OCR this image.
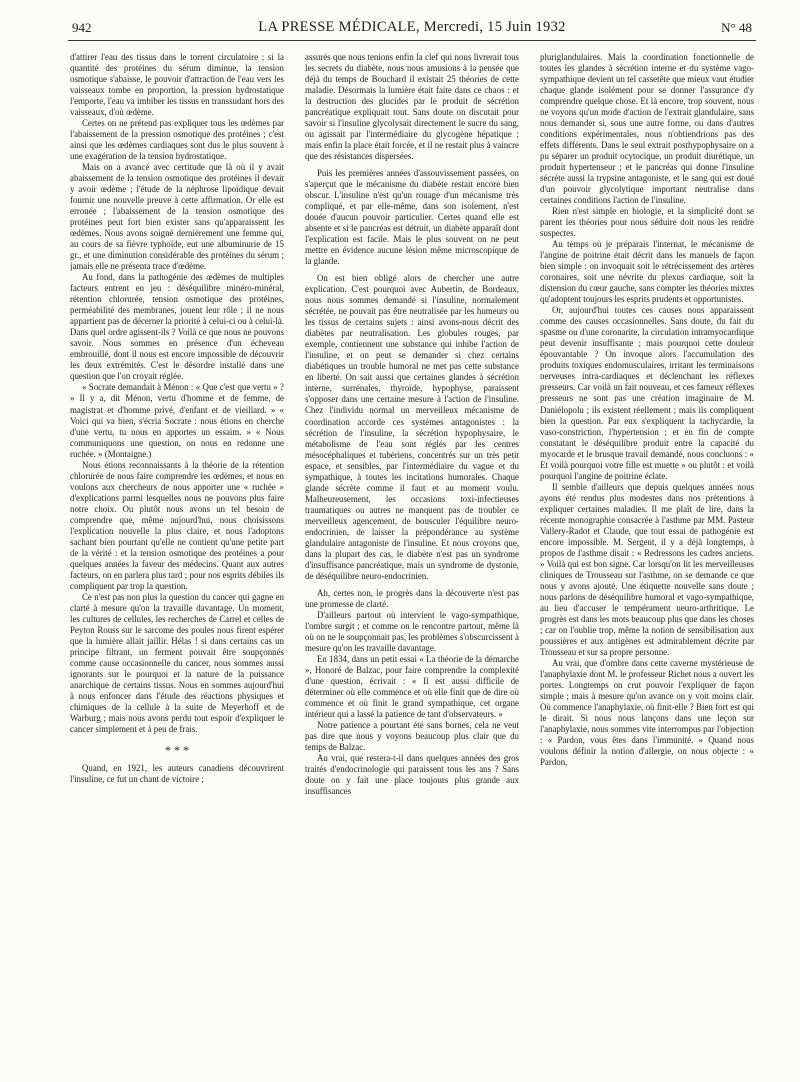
942	LA PRESSE MÉDICALE, Mercredi, 15 Juin 1932	N° 48

d'attirer l'eau des tissus dans le torrent circulatoire ; si la quantité des protéines du sérum diminue, la tension osmotique s'abaisse, le pouvoir d'attraction de l'eau vers les vaisseaux tombe en proportion, la pression hydrostatique l'emporte, l'eau va imbiber les tissus en transsudant hors des vaisseaux, d'où œdème.

Certes on ne prétend pas expliquer tous les œdèmes par l'abaissement de la pression osmotique des protéines ; c'est ainsi que les œdèmes cardiaques sont dus le plus souvent à une exagération de la tension hydrostatique.

Mais on a avancé avec certitude que là où il y avait abaissement de la tension osmotique des protéines il devait y avoir œdème ; l'étude de la néphrose lipoïdique devait fournir une nouvelle preuve à cette affirmation. Or elle est erronée ; l'abaissement de la tension osmotique des protéines peut fort bien exister sans qu'apparaissent les œdèmes. Nous avons soigné dernièrement une femme qui, au cours de sa fièvre typhoïde, eut une albuminurie de 15 gr., et une diminution considérable des protéines du sérum ; jamais elle ne présenta trace d'œdème.

Au fond, dans la pathogénie des œdèmes de multiples facteurs entrent en jeu : déséquilibre minéro-minéral, rétention chlorurée, tension osmotique des protéines, perméabilité des membranes, jouent leur rôle ; il ne nous appartient pas de décerner la priorité à celui-ci ou à celui-là. Dans quel ordre agissent-ils ? Voilà ce que nous ne pouvons savoir. Nous sommes en présence d'un écheveau embrouillé, dont il nous est encore impossible de découvrir les deux extrémités. C'est le désordre installé dans une question que l'on croyait réglée.

« Socrate demandait à Ménon : « Que c'est que vertu » ? » Il y a, dit Ménon, vertu d'homme et de femme, de magistrat et d'homme privé, d'enfant et de vieillard. » « Voici qui va bien, s'écria Socrate : nous étions en cherche d'une vertu, tu nous en apportes un essaim. » « Nous communiquons une question, on nous en redonne une ruchée. » (Montaigne.)

Nous étions reconnaissants à la théorie de la rétention chlorurée de nous faire comprendre les œdèmes, et nous en voulons aux chercheurs de nous apporter une « ruchée » d'explications parmi lesquelles nous ne pouvons plus faire notre choix. Ou plutôt nous avons un tel besoin de comprendre que, même aujourd'hui, nous choisissons l'explication nouvelle la plus claire, et nous l'adoptons sachant bien pourtant qu'elle ne contient qu'une petite part de la vérité : et la tension osmotique des protéines a pour quelques années la faveur des médecins. Quant aux autres facteurs, on en parlera plus tard ; pour nos esprits débiles ils compliquent par trop la question.

Ce n'est pas non plus la question du cancer qui gagne en clarté à mesure qu'on la travaille davantage. Un moment, les cultures de cellules, les recherches de Carrel et celles de Peyton Rouss sur le sarcome des poules nous firent espérer que la lumière allait jaillir. Hélas ! si dans certains cas un principe filtrant, un ferment pouvait être soupçonnés comme cause occasionnelle du cancer, nous sommes aussi ignorants sur le pourquoi et la nature de la puissance anarchique de certains tissus. Nous en sommes aujourd'hui à nous enfoncer dans l'étude des réactions physiques et chimiques de la cellule à la suite de Meyerhoff et de Warburg ; mais nous avons perdu tout espoir d'expliquer le cancer simplement et à peu de frais.

* * *

Quand, en 1921, les auteurs canadiens découvrirent l'insuline, ce fut un chant de victoire ;

assurés que nous tenions enfin la clef qui nous livrerait tous les secrets du diabète, nous nous amusions à la pensée que déjà du temps de Bouchard il existait 25 théories de cette maladie. Désormais la lumière était faite dans ce chaos : et la destruction des glucides par le produit de sécrétion pancréatique expliquait tout. Sans doute on discutait pour savoir si l'insuline glycolysait directement le sucre du sang, ou agissait par l'intermédiaire du glycogène hépatique ; mais enfin la place était forcée, et il ne restait plus à vaincre que des résistances dispersées.

Puis les premières années d'assouvissement passées, on s'aperçut que le mécanisme du diabète restait encore bien obscur. L'insuline n'est qu'un rouage d'un mécanisme très compliqué, et par elle-même, dans son isolement, n'est douée d'aucun pouvoir particulier. Certes quand elle est absente et si le pancréas est détruit, un diabète apparaît dont l'explication est facile. Mais le plus souvent on ne peut mettre en évidence aucune lésion même microscopique de la glande.

On est bien obligé alors de chercher une autre explication. C'est pourquoi avec Aubertin, de Bordeaux, nous nous sommes demandé si l'insuline, normalement sécrétée, ne pouvait pas être neutralisée par les humeurs ou les tissus de certains sujets : ainsi avons-nous décrit des diabètes par neutralisation. Les globules rouges, par exemple, contiennent une substance qui inhibe l'action de l'insuline, et on peut se demander si chez certains diabétiques un trouble humoral ne met pas cette substance en liberté. On sait aussi que certaines glandes à sécrétion interne, surrénales, thyroïde, hypophyse, paraissent s'opposer dans une certaine mesure à l'action de l'insuline. Chez l'individu normal un merveilleux mécanisme de coordination accorde ces systèmes antagonistes : la sécrétion de l'insuline, la sécrétion hypophysaire, le métabolisme de l'eau sont réglés par les centres mésocéphaliques et tubériens, concentrés sur un très petit espace, et sensibles, par l'intermédiaire du vague et du sympathique, à toutes les incitations humorales. Chaque glande sécrète comme il faut et au moment voulu. Malheureusement, les occasions toxi-infectieuses traumatiques ou autres ne manquent pas de troubler ce merveilleux agencement, de bousculer l'équilibre neuro-endocrinien, de laisser la prépondérance au système glandulaire antagoniste de l'insuline. Et nous croyons que, dans la plupart des cas, le diabète n'est pas un syndrome d'insuffisance pancréatique, mais un syndrome de dystonie, de déséquilibre neuro-endocrinien.

Ah, certes non, le progrès dans la découverte n'est pas une promesse de clarté.

D'ailleurs partout où intervient le vago-sympathique, l'ombre surgit ; et comme on le rencontre partout, même là où on ne le soupçonnait pas, les problèmes s'obscurcissent à mesure qu'on les travaille davantage.

En 1834, dans un petit essai « La théorie de la démarche », Honoré de Balzac, pour faire comprendre la complexité d'une question, écrivait : « Il est aussi difficile de déterminer où elle commence et où elle finit que de dire où commence et où finit le grand sympathique, cet organe intérieur qui a lassé la patience de tant d'observateurs. »

Notre patience a pourtant été sans bornes, cela ne veut pas dire que nous y voyons beaucoup plus clair que du temps de Balzac.

Au vrai, que restera-t-il dans quelques années des gros traités d'endocrinologie qui paraissent tous les ans ? Sans doute on y fait une place toujours plus grande aux insuffisances

pluriglandulaires. Mais la coordination fonctionnelle de toutes les glandes à sécrétion interne et du système vago-sympathique devient un tel cassetête que mieux vaut étudier chaque glande isolément pour se donner l'assurance d'y comprendre quelque chose. Et là encore, trop souvent, nous ne voyons qu'un mode d'action de l'extrait glandulaire, sans nous demander si, sous une autre forme, ou dans d'autres conditions expérimentales, nous n'obtiendrions pas des effets différents. Dans le seul extrait posthypophysaire on a pu séparer un produit ocytocique, un produit diurétique, un produit hypertenseur ; et le pancréas qui donne l'insuline sécrète aussi la trypsine antagoniste, et le sang qui est doué d'un pouvoir glycolytique important neutralise dans certaines conditions l'action de l'insuline.

Rien n'est simple en biologie, et la simplicité dont se parent les théories pour nous séduire doit nous les rendre suspectes.

Au temps où je préparais l'internat, le mécanisme de l'angine de poitrine était décrit dans les manuels de façon bien simple : on invoquait soit le rétrécissement des artères coronaires, soit une névrite du plexus cardiaque, soit la distension du cœur gauche, sans compter les théories mixtes qu'adoptent toujours les esprits prudents et opportunistes.

Or, aujourd'hui toutes ces causes nous apparaissent comme des causes occasionnelles. Sans doute, du fait du spasme ou d'une coronarite, la circulation intramyocardique peut devenir insuffisante ; mais pourquoi cette douleur épouvantable ? On invoque alors l'accumulation des produits toxiques endomusculaires, irritant les terminaisons nerveuses intra-cardiaques et déclenchant les réflexes presseurs. Car voilà un fait nouveau, et ces fameux réflexes presseurs ne sont pas une création imaginaire de M. Daniélopolu ; ils existent réellement ; mais ils compliquent bien la question. Par eux s'expliquent la tachycardie, la vaso-constriction, l'hypertension ; et en fin de compte constatant le déséquilibre produit entre la capacité du myocarde et le brusque travail demandé, nous concluons : « Et voilà pourquoi votre fille est muette » ou plutôt : et voilà pourquoi l'angine de poitrine éclate.

Il semble d'ailleurs que depuis quelques années nous ayons été rendus plus modestes dans nos prétentions à expliquer certaines maladies. Il me plaît de lire, dans la récente monographie consacrée à l'asthme par MM. Pasteur Vallery-Radot et Claude, que tout essai de pathogénie est encore impossible. M. Sergent, il y a déjà longtemps, à propos de l'asthme disait : « Redressons les cadres anciens. » Voilà qui est bon signe. Car lorsqu'on lit les merveilleuses cliniques de Trousseau sur l'asthme, on se demande ce que nous y avons ajouté. Une étiquette nouvelle sans doute ; nous parlons de déséquilibre humoral et vago-sympathique, au lieu d'accuser le tempérament neuro-arthritique. Le progrès est dans les mots beaucoup plus que dans les choses ; car on l'oublie trop, même la notion de sensibilisation aux poussières et aux antigènes est admirablement décrite par Trousseau et sur sa propre personne.

Au vrai, que d'ombre dans cette caverne mystérieuse de l'anaphylaxie dont M. le professeur Richet nous a ouvert les portes. Longtemps on crut pouvoir l'expliquer de façon simple ; mais à mesure qu'on avance on y voit moins clair. Où commence l'anaphylaxie, où finit-elle ? Bien fort est qui le dirait. Si nous nous lançons dans une leçon sur l'anaphylaxie, nous sommes vite interrompus par l'objection : « Pardon, vous êtes dans l'immunité. » Quand nous voulons définir la notion d'allergie, on nous objecte : « Pardon,
